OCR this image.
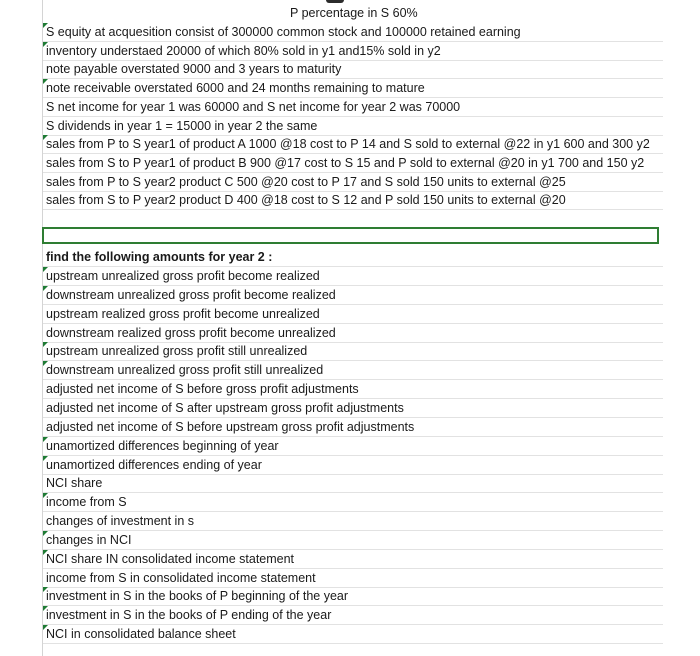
P percentage in S 60%
S equity at acquesition consist of 300000 common stock and 100000 retained earning
inventory understaed 20000 of which 80% sold in y1 and15% sold in y2
note payable overstated 9000 and 3 years to maturity
note receivable overstated 6000 and 24 months remaining to mature
S net income for year 1 was 60000 and S net income for year 2 was 70000
S dividends in year 1 = 15000 in year 2 the same
sales from P to S year1 of product A 1000 @18 cost to P 14 and S sold to external @22 in y1 600 and 300 y2
sales from S to P year1 of product B 900 @17 cost to S 15 and P sold to external @20 in y1 700 and 150 y2
sales from P to S year2 product C 500 @20 cost to P 17 and S sold 150 units to external @25
sales from S to P year2 product D 400 @18 cost to S 12 and P sold 150 units to external @20
find the following amounts for year 2 :
upstream unrealized gross profit become realized
downstream unrealized gross profit become realized
upstream realized gross profit become unrealized
downstream realized gross profit become unrealized
upstream unrealized gross profit still unrealized
downstream unrealized gross profit still unrealized
adjusted net income of S before gross profit adjustments
adjusted net income of S after upstream gross profit adjustments
adjusted net income of S before upstream gross profit adjustments
unamortized differences beginning of year
unamortized differences ending of year
NCI share
income from S
changes of investment in s
changes in NCI
NCI share IN consolidated income statement
income from S in consolidated income statement
investment in S in the books of P beginning of the year
investment in S in the books of P ending of the year
NCI in consolidated balance sheet
